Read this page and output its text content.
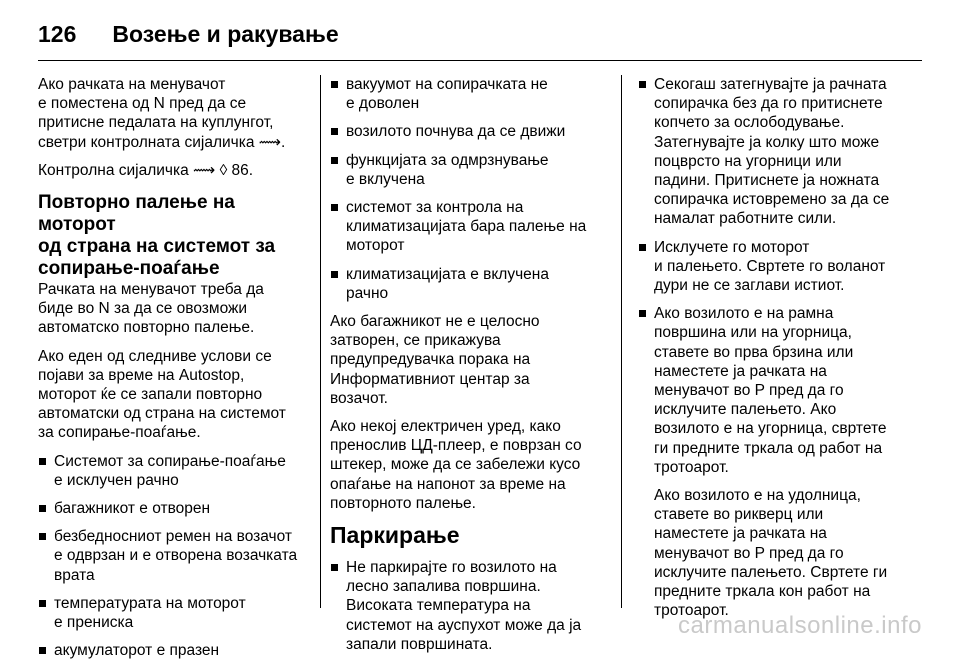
126 Возење и ракување

Ако рачката на менувачот
е поместена од N пред да се
притисне педалата на куплунгот,
светри контролната сијаличка ⟿.

Контролна сијаличка ⟿ ◊ 86.

Повторно палење на моторот
од страна на системот за
сопирање-поаѓање

Рачката на менувачот треба да
биде во N за да се овозможи
автоматско повторно палење.

Ако еден од следниве услови се
појави за време на Autostop,
моторот ќе се запали повторно
автоматски од страна на системот
за сопирање-поаѓање.

Системот за сопирање-поаѓање
е исклучен рачно
багажникот е отворен
безбедносниот ремен на возачот
е одврзан и е отворена возачката
врата
температурата на моторот
е прениска
акумулаторот е празен
вакуумот на сопирачката не
е доволен
возилото почнува да се движи
функцијата за одмрзнување
е вклучена
системот за контрола на
климатизацијата бара палење на
моторот
климатизацијата е вклучена
рачно

Ако багажникот не е целосно
затворен, се прикажува
предупредувачка порака на
Информативниот центар за
возачот.

Ако некој електричен уред, како
пренослив ЦД-плеер, е поврзан со
штекер, може да се забележи кусо
опаѓање на напонот за време на
повторното палење.

Паркирање
Не паркирајте го возилото на
лесно запалива површина.
Високата температура на
системот на ауспухот може да ја
запали површината.
Секогаш затегнувајте ја рачната
сопирачка без да го притиснете
копчето за ослободување.
Затегнувајте ја колку што може
поцврсто на угорници или
падини. Притиснете ја ножната
сопирачка истовремено за да се
намалат работните сили.
Исклучете го моторот
и палењето. Свртете го воланот
дури не се заглави истиот.
Ако возилото е на рамна
површина или на угорница,
ставете во прва брзина или
наместете ја рачката на
менувачот во P пред да го
исклучите палењето. Ако
возилото е на угорница, свртете
ги предните тркала од работ на
тротоарот.

Ако возилото е на удолница,
ставете во рикверц или
наместете ја рачката на
менувачот во P пред да го
исклучите палењето. Свртете ги
предните тркала кон работ на
тротоарот.

carmanualsonline.info
